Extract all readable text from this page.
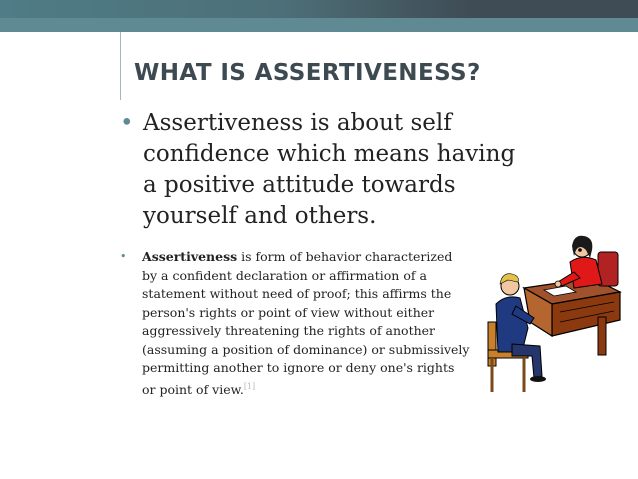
WHAT IS ASSERTIVENESS?
• Assertiveness is about self confidence which means having a positive attitude towards yourself and others.
•	Assertiveness is form of behavior characterized by a confident declaration or affirmation of a statement without need of proof; this affirms the person's rights or point of view without either aggressively threatening the rights of another (assuming a position of dominance) or submissively permitting another to ignore or deny one's rights or point of view.[1]
